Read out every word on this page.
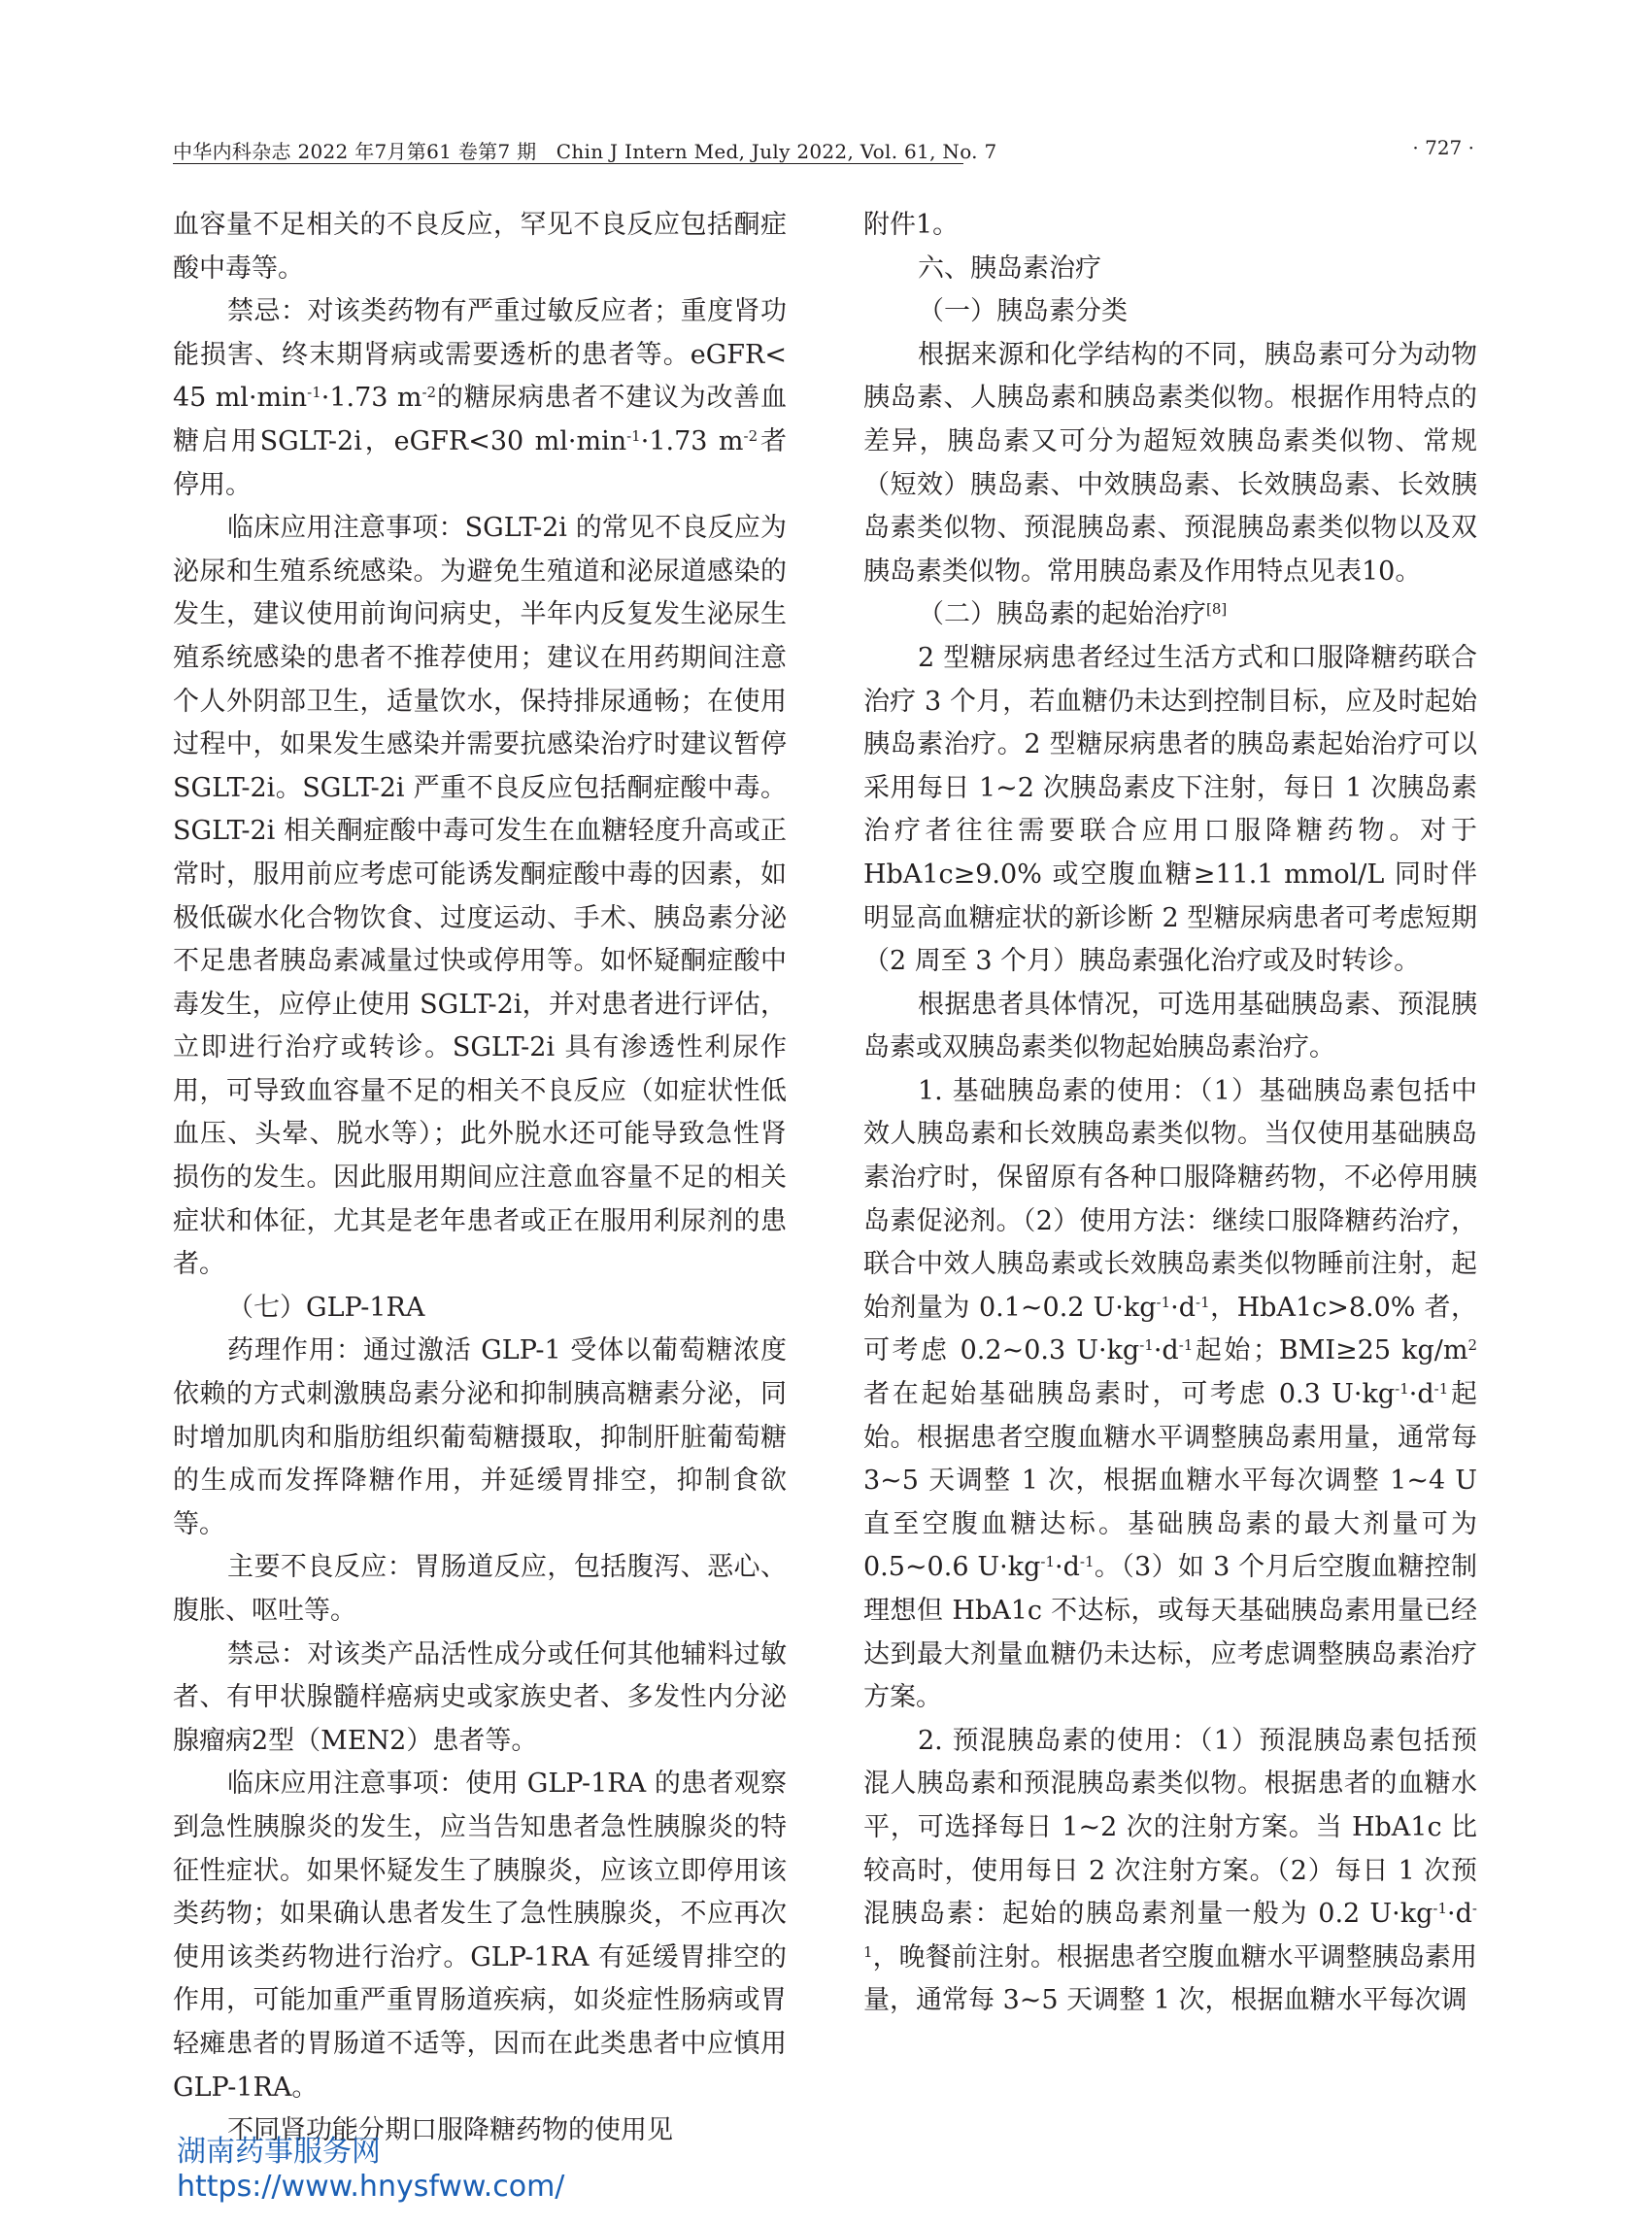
中华内科杂志 2022 年7月第61 卷第7 期　Chin J Intern Med, July 2022, Vol. 61, No. 7	· 727 ·

血容量不足相关的不良反应，罕见不良反应包括酮症酸中毒等。

禁忌：对该类药物有严重过敏反应者；重度肾功能损害、终末期肾病或需要透析的患者等。eGFR< 45 $ml\cdot\min^{-1}\cdot 1.73$ $m^{-2}$的糖尿病患者不建议为改善血糖启用SGLT-2i，eGFR<30 $ml\cdot\min^{-1}\cdot 1.73$ $m^{-2}$者停用。

临床应用注意事项：SGLT-2i 的常见不良反应为泌尿和生殖系统感染。为避免生殖道和泌尿道感染的发生，建议使用前询问病史，半年内反复发生泌尿生殖系统感染的患者不推荐使用；建议在用药期间注意个人外阴部卫生，适量饮水，保持排尿通畅；在使用过程中，如果发生感染并需要抗感染治疗时建议暂停 SGLT-2i。SGLT-2i 严重不良反应包括酮症酸中毒。SGLT-2i 相关酮症酸中毒可发生在血糖轻度升高或正常时，服用前应考虑可能诱发酮症酸中毒的因素，如极低碳水化合物饮食、过度运动、手术、胰岛素分泌不足患者胰岛素减量过快或停用等。如怀疑酮症酸中毒发生，应停止使用 SGLT-2i，并对患者进行评估，立即进行治疗或转诊。SGLT-2i 具有渗透性利尿作用，可导致血容量不足的相关不良反应（如症状性低血压、头晕、脱水等）；此外脱水还可能导致急性肾损伤的发生。因此服用期间应注意血容量不足的相关症状和体征，尤其是老年患者或正在服用利尿剂的患者。

（七）GLP-1RA

药理作用：通过激活 GLP-1 受体以葡萄糖浓度依赖的方式刺激胰岛素分泌和抑制胰高糖素分泌，同时增加肌肉和脂肪组织葡萄糖摄取，抑制肝脏葡萄糖的生成而发挥降糖作用，并延缓胃排空，抑制食欲等。

主要不良反应：胃肠道反应，包括腹泻、恶心、腹胀、呕吐等。

禁忌：对该类产品活性成分或任何其他辅料过敏者、有甲状腺髓样癌病史或家族史者、多发性内分泌腺瘤病2型（MEN2）患者等。

临床应用注意事项：使用 GLP-1RA 的患者观察到急性胰腺炎的发生，应当告知患者急性胰腺炎的特征性症状。如果怀疑发生了胰腺炎，应该立即停用该类药物；如果确认患者发生了急性胰腺炎，不应再次使用该类药物进行治疗。GLP-1RA 有延缓胃排空的作用，可能加重严重胃肠道疾病，如炎症性肠病或胃轻瘫患者的胃肠道不适等，因而在此类患者中应慎用 GLP-1RA。

不同肾功能分期口服降糖药物的使用见

附件1。

六、胰岛素治疗

（一）胰岛素分类

根据来源和化学结构的不同，胰岛素可分为动物胰岛素、人胰岛素和胰岛素类似物。根据作用特点的差异，胰岛素又可分为超短效胰岛素类似物、常规（短效）胰岛素、中效胰岛素、长效胰岛素、长效胰岛素类似物、预混胰岛素、预混胰岛素类似物以及双胰岛素类似物。常用胰岛素及作用特点见表10。

（二）胰岛素的起始治疗[8]

2 型糖尿病患者经过生活方式和口服降糖药联合治疗 3 个月，若血糖仍未达到控制目标，应及时起始胰岛素治疗。2 型糖尿病患者的胰岛素起始治疗可以采用每日 1~2 次胰岛素皮下注射，每日 1 次胰岛素治疗者往往需要联合应用口服降糖药物。对于 HbA1c≥9.0% 或空腹血糖≥11.1 mmol/L 同时伴明显高血糖症状的新诊断 2 型糖尿病患者可考虑短期（2 周至 3 个月）胰岛素强化治疗或及时转诊。

根据患者具体情况，可选用基础胰岛素、预混胰岛素或双胰岛素类似物起始胰岛素治疗。

1. 基础胰岛素的使用：（1）基础胰岛素包括中效人胰岛素和长效胰岛素类似物。当仅使用基础胰岛素治疗时，保留原有各种口服降糖药物，不必停用胰岛素促泌剂。（2）使用方法：继续口服降糖药治疗，联合中效人胰岛素或长效胰岛素类似物睡前注射，起始剂量为 0.1~0.2 $U\cdot kg^{-1}\cdot d^{-1}$，HbA1c>8.0% 者，可考虑 0.2~0.3 $U\cdot kg^{-1}\cdot d^{-1}$起始；BMI≥25 $kg/m^2$者在起始基础胰岛素时，可考虑 0.3 $U\cdot kg^{-1}\cdot d^{-1}$起始。根据患者空腹血糖水平调整胰岛素用量，通常每 3~5 天调整 1 次，根据血糖水平每次调整 1~4 U 直至空腹血糖达标。基础胰岛素的最大剂量可为 0.5~0.6 $U\cdot kg^{-1}\cdot d^{-1}$。（3）如 3 个月后空腹血糖控制理想但 HbA1c 不达标，或每天基础胰岛素用量已经达到最大剂量血糖仍未达标，应考虑调整胰岛素治疗方案。

2. 预混胰岛素的使用：（1）预混胰岛素包括预混人胰岛素和预混胰岛素类似物。根据患者的血糖水平，可选择每日 1~2 次的注射方案。当 HbA1c 比较高时，使用每日 2 次注射方案。（2）每日 1 次预混胰岛素：起始的胰岛素剂量一般为 0.2 $U\cdot kg^{-1}\cdot d^{-1}$，晚餐前注射。根据患者空腹血糖水平调整胰岛素用量，通常每 3~5 天调整 1 次，根据血糖水平每次调

湖南药事服务网
https://www.hnysfww.com/
